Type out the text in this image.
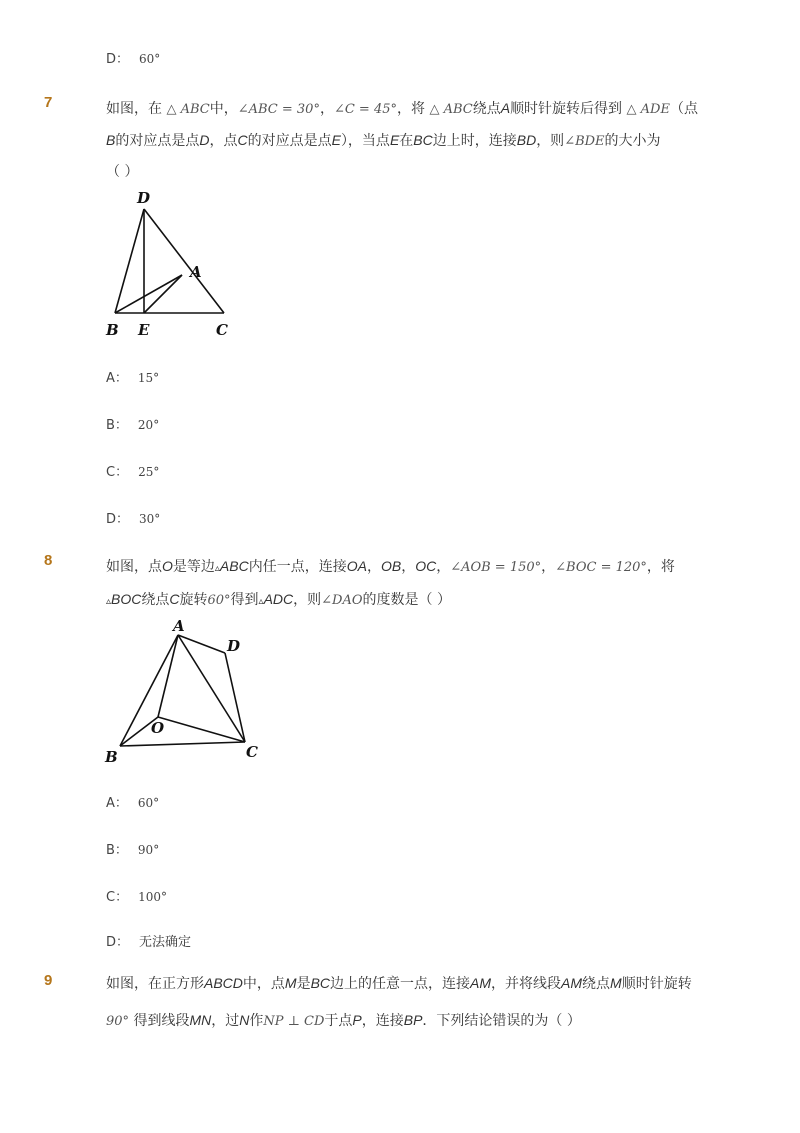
D： 60°
7	如图，在 △ ABC中，∠ABC = 30°，∠C = 45°，将 △ ABC绕点A顺时针旋转后得到 △ ADE（点
B的对应点是点D，点C的对应点是点E），当点E在BC边上时，连接BD，则∠BDE的大小为
（ ）
D
A
B E	C
A： 15°
B： 20°
C： 25°
D： 30°
8	如图，点O是等边▵ABC内任一点，连接OA，OB，OC，∠AOB = 150°，∠BOC = 120°，将
▵BOC绕点C旋转60°得到▵ADC，则∠DAO的度数是（ ）
A
D
O
B	C
A： 60°
B： 90°
C： 100°
D： 无法确定
9	如图，在正方形ABCD中，点M是BC边上的任意一点，连接AM，并将线段AM绕点M顺时针旋转
90° 得到线段MN，过N作NP ⊥ CD于点P，连接BP．下列结论错误的为（ ）
